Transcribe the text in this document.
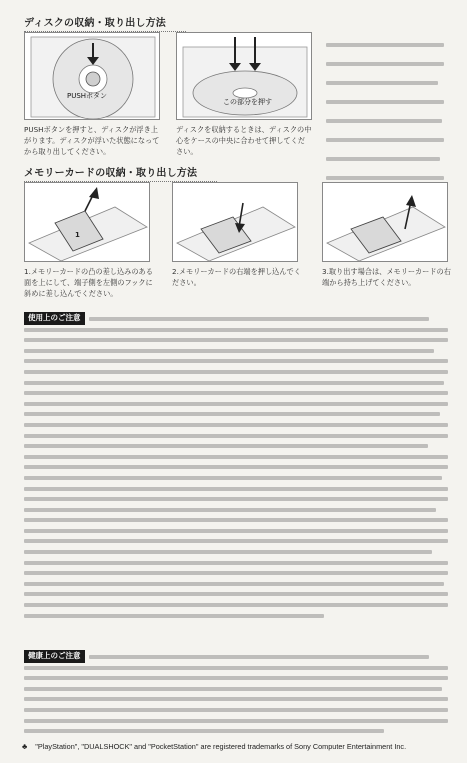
ディスクの収納・取り出し方法
PUSHボタン
この部分を押す
PUSHボタンを押すと、ディスクが浮き上がります。ディスクが浮いた状態になってから取り出してください。
ディスクを収納するときは、ディスクの中心をケースの中央に合わせて押してください。
メモリーカードの収納・取り出し方法
1
1.メモリーカードの凸の差し込みのある面を上にして、端子側を左側のフックに斜めに差し込んでください。
2.メモリーカードの右端を押し込んでください。
3.取り出す場合は、メモリーカードの右端から持ち上げてください。
使用上のご注意
健康上のご注意
♣ "PlayStation", "DUALSHOCK" and "PocketStation" are registered trademarks of Sony Computer Entertainment Inc.
